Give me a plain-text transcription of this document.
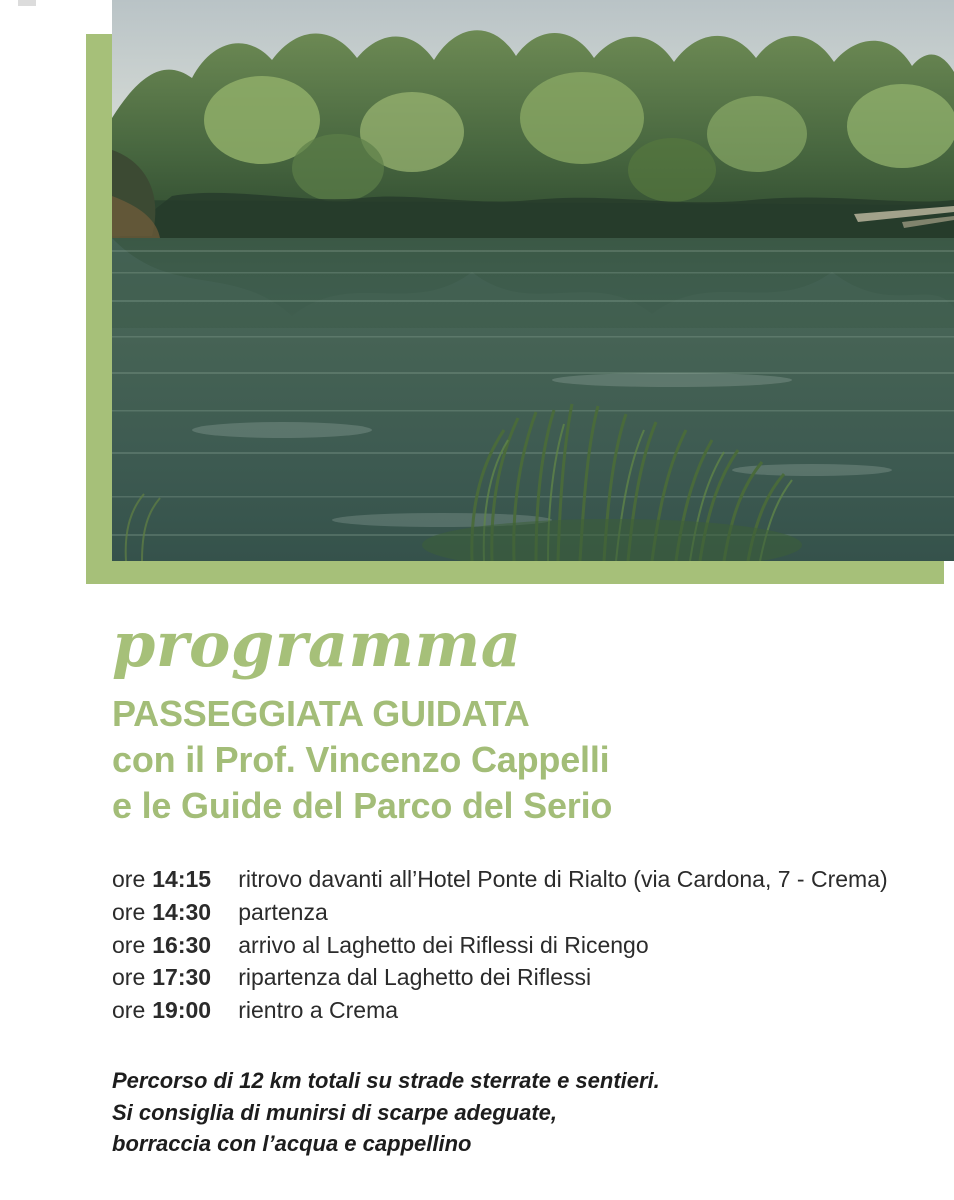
programma
PASSEGGIATA GUIDATA
con il Prof. Vincenzo Cappelli
e le Guide del Parco del Serio
ore 14:15	ritrovo davanti all’Hotel Ponte di Rialto (via Cardona, 7 - Crema)
ore 14:30	partenza
ore 16:30	arrivo al Laghetto dei Riflessi di Ricengo
ore 17:30	ripartenza dal Laghetto dei Riflessi
ore 19:00	rientro a Crema
Percorso di 12 km totali su strade sterrate e sentieri.
Si consiglia di munirsi di scarpe adeguate,
borraccia con l’acqua e cappellino
